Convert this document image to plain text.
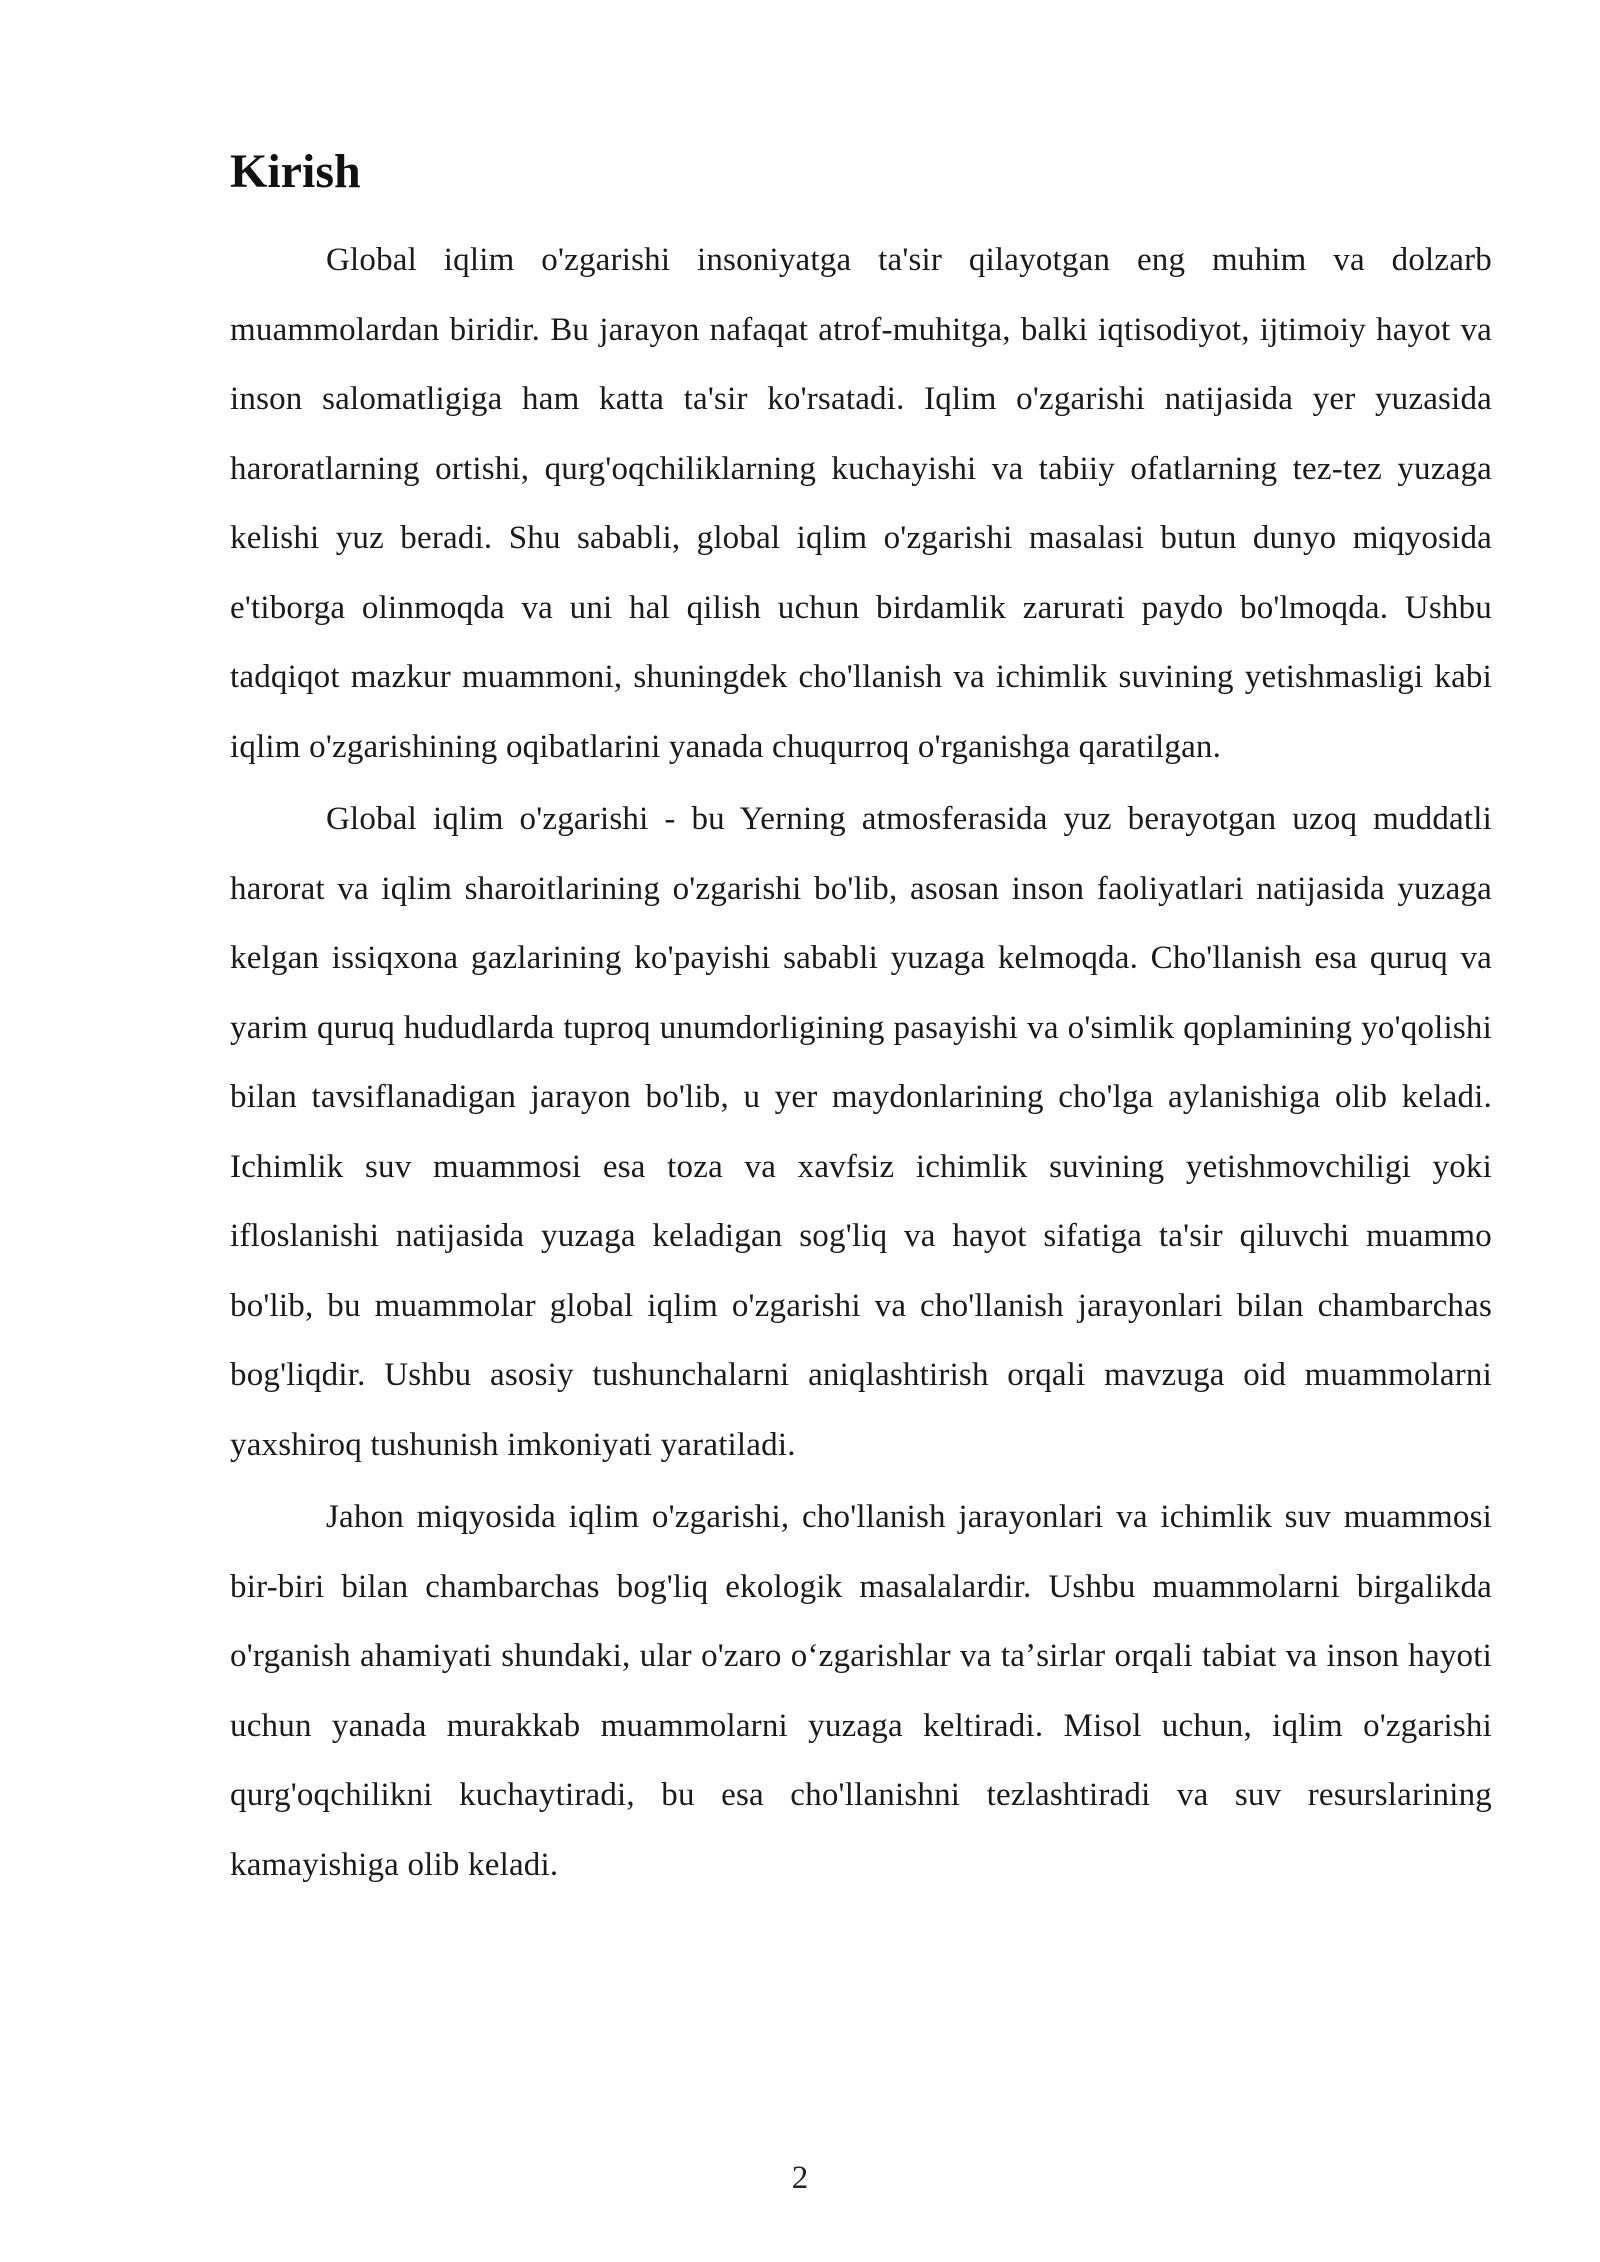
Kirish

Global iqlim o'zgarishi insoniyatga ta'sir qilayotgan eng muhim va dolzarb muammolardan biridir. Bu jarayon nafaqat atrof-muhitga, balki iqtisodiyot, ijtimoiy hayot va inson salomatligiga ham katta ta'sir ko'rsatadi. Iqlim o'zgarishi natijasida yer yuzasida haroratlarning ortishi, qurg'oqchiliklarning kuchayishi va tabiiy ofatlarning tez-tez yuzaga kelishi yuz beradi. Shu sababli, global iqlim o'zgarishi masalasi butun dunyo miqyosida e'tiborga olinmoqda va uni hal qilish uchun birdamlik zarurati paydo bo'lmoqda. Ushbu tadqiqot mazkur muammoni, shuningdek cho'llanish va ichimlik suvining yetishmasligi kabi iqlim o'zgarishining oqibatlarini yanada chuqurroq o'rganishga qaratilgan.

Global iqlim o'zgarishi - bu Yerning atmosferasida yuz berayotgan uzoq muddatli harorat va iqlim sharoitlarining o'zgarishi bo'lib, asosan inson faoliyatlari natijasida yuzaga kelgan issiqxona gazlarining ko'payishi sababli yuzaga kelmoqda. Cho'llanish esa quruq va yarim quruq hududlarda tuproq unumdorligining pasayishi va o'simlik qoplamining yo'qolishi bilan tavsiflanadigan jarayon bo'lib, u yer maydonlarining cho'lga aylanishiga olib keladi. Ichimlik suv muammosi esa toza va xavfsiz ichimlik suvining yetishmovchiligi yoki ifloslanishi natijasida yuzaga keladigan sog'liq va hayot sifatiga ta'sir qiluvchi muammo bo'lib, bu muammolar global iqlim o'zgarishi va cho'llanish jarayonlari bilan chambarchas bog'liqdir. Ushbu asosiy tushunchalarni aniqlashtirish orqali mavzuga oid muammolarni yaxshiroq tushunish imkoniyati yaratiladi.

Jahon miqyosida iqlim o'zgarishi, cho'llanish jarayonlari va ichimlik suv muammosi bir-biri bilan chambarchas bog'liq ekologik masalalardir. Ushbu muammolarni birgalikda o'rganish ahamiyati shundaki, ular o'zaro oʻzgarishlar va taʼsirlar orqali tabiat va inson hayoti uchun yanada murakkab muammolarni yuzaga keltiradi. Misol uchun, iqlim o'zgarishi qurg'oqchilikni kuchaytiradi, bu esa cho'llanishni tezlashtiradi va suv resurslarining kamayishiga olib keladi.

2
